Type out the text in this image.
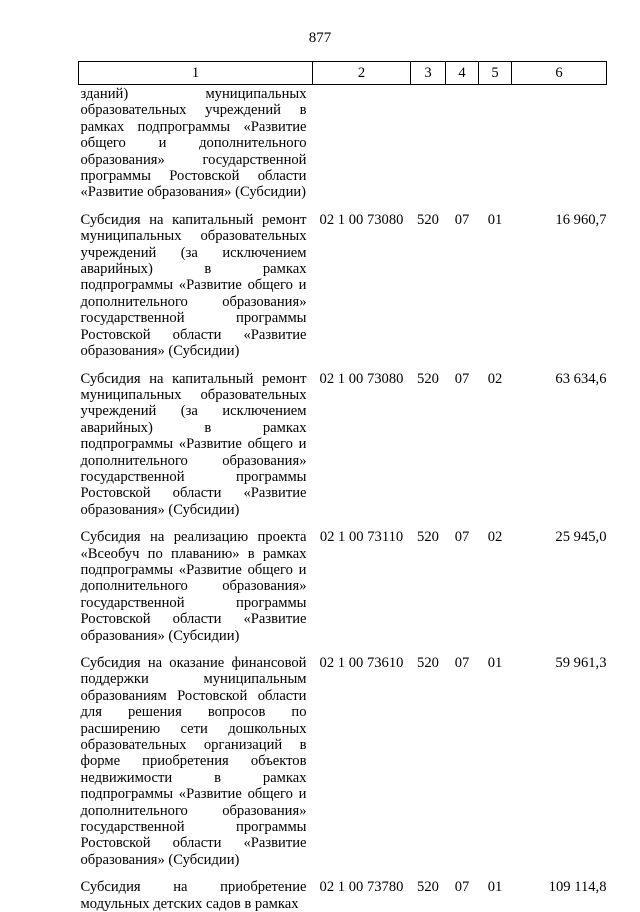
877
1	2	3	4	5	6
зданий) муниципальных образовательных учреждений в рамках подпрограммы «Развитие общего и дополнительного образования» государственной программы Ростовской области «Развитие образования» (Субсидии)					
Субсидия на капитальный ремонт муниципальных образовательных учреждений (за исключением аварийных) в рамках подпрограммы «Развитие общего и дополнительного образования» государственной программы Ростовской области «Развитие образования» (Субсидии)	02 1 00 73080	520	07	01	16 960,7
Субсидия на капитальный ремонт муниципальных образовательных учреждений (за исключением аварийных) в рамках подпрограммы «Развитие общего и дополнительного образования» государственной программы Ростовской области «Развитие образования» (Субсидии)	02 1 00 73080	520	07	02	63 634,6
Субсидия на реализацию проекта «Всеобуч по плаванию» в рамках подпрограммы «Развитие общего и дополнительного образования» государственной программы Ростовской области «Развитие образования» (Субсидии)	02 1 00 73110	520	07	02	25 945,0
Субсидия на оказание финансовой поддержки муниципальным образованиям Ростовской области для решения вопросов по расширению сети дошкольных образовательных организаций в форме приобретения объектов недвижимости в рамках подпрограммы «Развитие общего и дополнительного образования» государственной программы Ростовской области «Развитие образования» (Субсидии)	02 1 00 73610	520	07	01	59 961,3
Субсидия на приобретение модульных детских садов в рамках	02 1 00 73780	520	07	01	109 114,8
